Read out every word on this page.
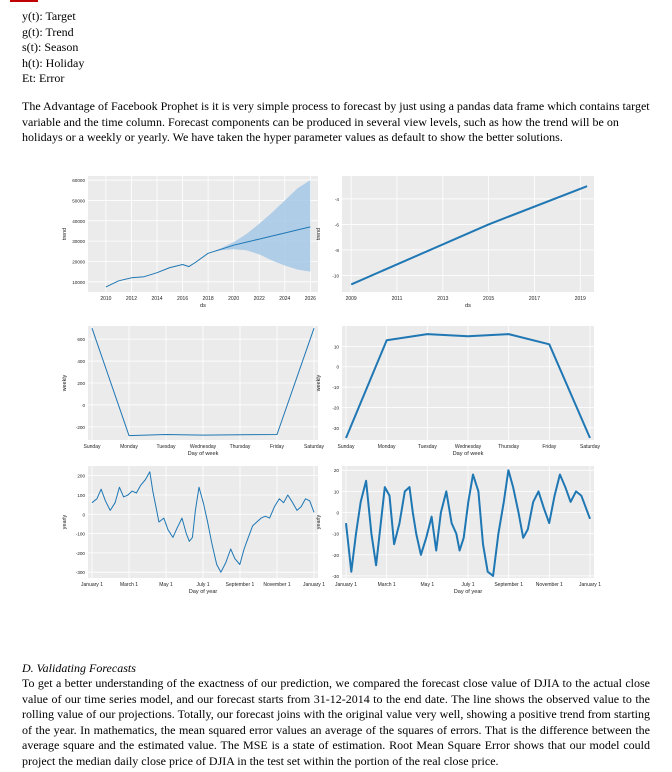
y(t): Target
g(t): Trend
s(t): Season
h(t): Holiday
Et: Error
The Advantage of Facebook Prophet is it is very simple process to forecast by just using a pandas data frame which contains target variable and the time column. Forecast components can be produced in several view levels, such as how the trend will be on holidays or a weekly or yearly. We have taken the hyper parameter values as default to show the better solutions.
2010	2012	2014	2016	2018	2020	2022	2024	2026
10000
20000
30000
40000
50000
60000
ds
trend
2009	2011	2013	2015	2017	2019
-4
-6
-8
-10
ds
trend
Sunday	Monday	Tuesday	Wednesday	Thursday	Friday	Saturday
600
400
200
0
-200
Day of week
weekly
Sunday	Monday	Tuesday	Wednesday	Thursday	Friday	Saturday
10
0
-10
-20
-30
Day of week
weekly
January 1	March 1	May 1	July 1	September 1 November 1 January 1
200
100
0
-100
-200
-300
Day of year
yearly
January 1	March 1	May 1	July 1	September 1	November 1	January 1
20
10
0
-10
-20
-30
Day of year
yearly
D. Validating Forecasts
To get a better understanding of the exactness of our prediction, we compared the forecast close value of DJIA to the actual close value of our time series model, and our forecast starts from 31-12-2014 to the end date. The line shows the observed value to the rolling value of our projections. Totally, our forecast joins with the original value very well, showing a positive trend from starting of the year. In mathematics, the mean squared error values an average of the squares of errors. That is the difference between the average square and the estimated value. The MSE is a state of estimation. Root Mean Square Error shows that our model could project the median daily close price of DJIA in the test set within the portion of the real close price.
